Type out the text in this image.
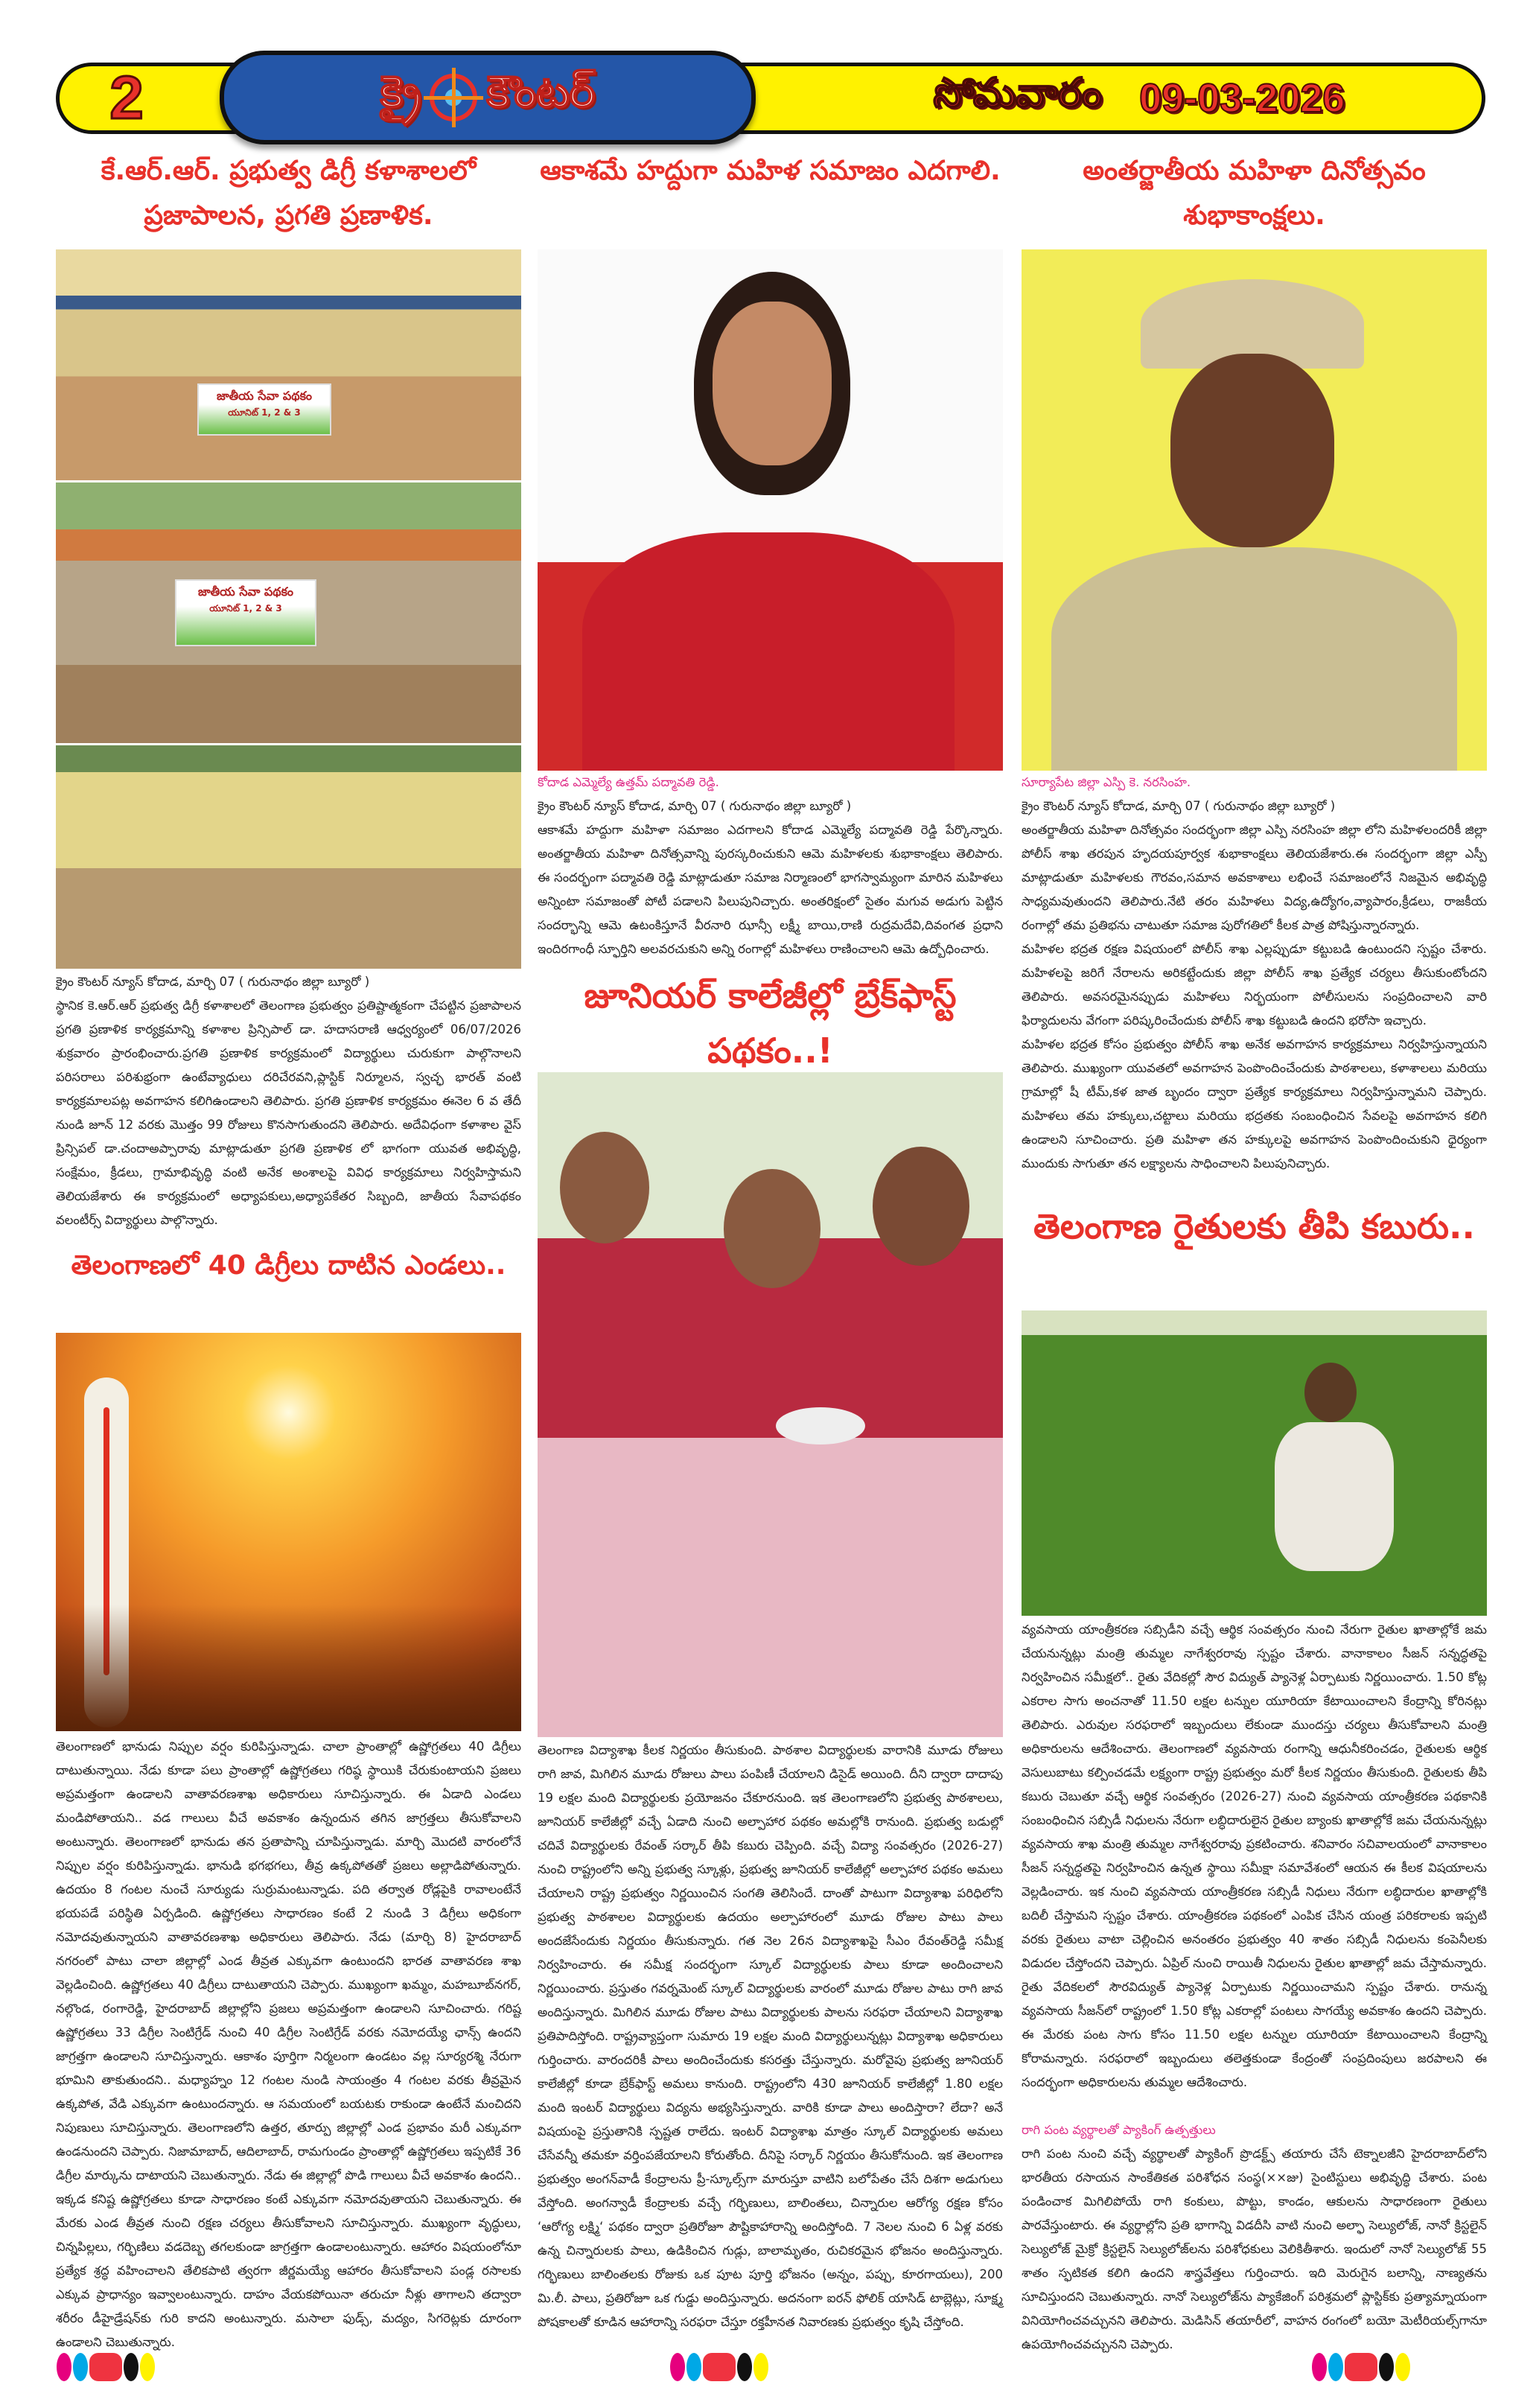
2	క్రై కౌంటర్	సోమవారం 09-03-2026
కే.ఆర్.ఆర్. ప్రభుత్వ డిగ్రీ కళాశాలలో ప్రజాపాలన, ప్రగతి ప్రణాళిక.
జాతీయ సేవా పథకం
యూనిట్ 1, 2 & 3
జాతీయ సేవా పథకం
యూనిట్ 1, 2 & 3

క్రైం కౌంటర్ న్యూస్ కోదాడ, మార్చి 07 ( గురునాథం జిల్లా బ్యూరో )

స్థానిక కె.ఆర్.ఆర్ ప్రభుత్వ డిగ్రీ కళాశాలలో తెలంగాణ ప్రభుత్వం ప్రతిష్టాత్మకంగా చేపట్టిన ప్రజాపాలన ప్రగతి ప్రణాళిక కార్యక్రమాన్ని కళాశాల ప్రిన్సిపాల్ డా. హదాసరాణి ఆధ్వర్యంలో 06/07/2026 శుక్రవారం ప్రారంభించారు.ప్రగతి ప్రణాళిక కార్యక్రమంలో విద్యార్థులు చురుకుగా పాల్గొనాలని పరిసరాలు పరిశుభ్రంగా ఉంటేవ్యాధులు దరిచేరవని,ప్లాస్టిక్ నిర్మూలన, స్వచ్ఛ భారత్ వంటి కార్యక్రమాలపట్ల అవగాహన కలిగిఉండాలని తెలిపారు. ప్రగతి ప్రణాళిక కార్యక్రమం ఈనెల 6 వ తేదీ నుండి జూన్ 12 వరకు మొత్తం 99 రోజులు కొనసాగుతుందని తెలిపారు. అదేవిధంగా కళాశాల వైస్ ప్రిన్సిపల్ డా.చందాఅప్పారావు మాట్లాడుతూ ప్రగతి ప్రణాళిక లో భాగంగా యువత అభివృద్ధి, సంక్షేమం, క్రీడలు, గ్రామాభివృద్ధి వంటి అనేక అంశాలపై వివిధ కార్యక్రమాలు నిర్వహిస్తామని తెలియజేశారు ఈ కార్యక్రమంలో అధ్యాపకులు,అధ్యాపకేతర సిబ్బంది, జాతీయ సేవాపథకం వలంటీర్స్ విద్యార్థులు పాల్గొన్నారు.

తెలంగాణలో 40 డిగ్రీలు దాటిన ఎండలు..
తెలంగాణలో భానుడు నిప్పుల వర్షం కురిపిస్తున్నాడు. చాలా ప్రాంతాల్లో ఉష్ణోగ్రతలు 40 డిగ్రీలు దాటుతున్నాయి. నేడు కూడా పలు ప్రాంతాల్లో ఉష్ణోగ్రతలు గరిష్ఠ స్థాయికి చేరుకుంటాయని ప్రజలు అప్రమత్తంగా ఉండాలని వాతావరణశాఖ అధికారులు సూచిస్తున్నారు. ఈ ఏడాది ఎండలు మండిపోతాయని.. వడ గాలులు వీచే అవకాశం ఉన్నందున తగిన జాగ్రత్తలు తీసుకోవాలని అంటున్నారు. తెలంగాణలో భానుడు తన ప్రతాపాన్ని చూపిస్తున్నాడు. మార్చి మొదటి వారంలోనే నిప్పుల వర్షం కురిపిస్తున్నాడు. భానుడి భగభగలు, తీవ్ర ఉక్కపోతతో ప్రజలు అల్లాడిపోతున్నారు. ఉదయం 8 గంటల నుంచే సూర్యుడు సుర్రుమంటున్నాడు. పది తర్వాత రోడ్లపైకి రావాలంటేనే భయపడే పరిస్థితి ఏర్పడింది. ఉష్ణోగ్రతలు సాధారణం కంటే 2 నుండి 3 డిగ్రీలు అధికంగా నమోదవుతున్నాయని వాతావరణశాఖ అధికారులు తెలిపారు. నేడు (మార్చి 8) హైదరాబాద్ నగరంలో పాటు చాలా జిల్లాల్లో ఎండ తీవ్రత ఎక్కువగా ఉంటుందని భారత వాతావరణ శాఖ వెల్లడించింది. ఉష్ణోగ్రతలు 40 డిగ్రీలు దాటుతాయని చెప్పారు. ముఖ్యంగా ఖమ్మం, మహబూబ్‌నగర్, నల్గొండ, రంగారెడ్డి, హైదరాబాద్ జిల్లాల్లోని ప్రజలు అప్రమత్తంగా ఉండాలని సూచించారు. గరిష్ట ఉష్ణోగ్రతలు 33 డిగ్రీల సెంటిగ్రేడ్ నుంచి 40 డిగ్రీల సెంటిగ్రేడ్ వరకు నమోదయ్యే ఛాన్స్ ఉందని జాగ్రత్తగా ఉండాలని సూచిస్తున్నారు. ఆకాశం పూర్తిగా నిర్మలంగా ఉండటం వల్ల సూర్యరశ్మి నేరుగా భూమిని తాకుతుందని.. మధ్యాహ్నం 12 గంటల నుండి సాయంత్రం 4 గంటల వరకు తీవ్రమైన ఉక్కపోత, వేడి ఎక్కువగా ఉంటుందన్నారు. ఆ సమయంలో బయటకు రాకుండా ఉంటేనే మంచిదని నిపుణులు సూచిస్తున్నారు. తెలంగాణలోని ఉత్తర, తూర్పు జిల్లాల్లో ఎండ ప్రభావం మరీ ఎక్కువగా ఉండనుందని చెప్పారు. నిజామాబాద్, ఆదిలాబాద్, రామగుండం ప్రాంతాల్లో ఉష్ణోగ్రతలు ఇప్పటికే 36 డిగ్రీల మార్కును దాటాయని చెబుతున్నారు. నేడు ఈ జిల్లాల్లో పొడి గాలులు వీచే అవకాశం ఉందని.. ఇక్కడ కనిష్ట ఉష్ణోగ్రతలు కూడా సాధారణం కంటే ఎక్కువగా నమోదవుతాయని చెబుతున్నారు. ఈ మేరకు ఎండ తీవ్రత నుంచి రక్షణ చర్యలు తీసుకోవాలని సూచిస్తున్నారు. ముఖ్యంగా వృద్ధులు, చిన్నపిల్లలు, గర్భిణిలు వడదెబ్బ తగలకుండా జాగ్రత్తగా ఉండాలంటున్నారు. ఆహారం విషయంలోనూ ప్రత్యేక శ్రద్ధ వహించాలని తేలికపాటి త్వరగా జీర్ణమయ్యే ఆహారం తీసుకోవాలని పండ్ల రసాలకు ఎక్కువ ప్రాధాన్యం ఇవ్వాలంటున్నారు. దాహం వేయకపోయినా తరుచూ నీళ్లు తాగాలని తద్వారా శరీరం డీహైడ్రేషన్‌కు గురి కాదని అంటున్నారు. మసాలా ఫుడ్స్, మద్యం, సిగరెట్లకు దూరంగా ఉండాలని చెబుతున్నారు.
ఆకాశమే హద్దుగా మహిళ సమాజం ఎదగాలి.

కోదాడ ఎమ్మెల్యే ఉత్తమ్ పద్మావతి రెడ్డి.

క్రైం కౌంటర్ న్యూస్ కోదాడ, మార్చి 07 ( గురునాథం జిల్లా బ్యూరో )

ఆకాశమే హద్దుగా మహిళా సమాజం ఎదగాలని కోదాడ ఎమ్మెల్యే పద్మావతి రెడ్డి పేర్కొన్నారు. అంతర్జాతీయ మహిళా దినోత్సవాన్ని పురస్కరించుకుని ఆమె మహిళలకు శుభాకాంక్షలు తెలిపారు. ఈ సందర్భంగా పద్మావతి రెడ్డి మాట్లాడుతూ సమాజ నిర్మాణంలో భాగస్వామ్యంగా మారిన మహిళలు అన్నింటా సమాజంతో పోటీ పడాలని పిలుపునిచ్చారు. అంతరిక్షంలో సైతం మగువ అడుగు పెట్టిన సందర్భాన్ని ఆమె ఉటంకిస్తూనే వీరనారి ఝాన్సీ లక్ష్మీ బాయి,రాణి రుద్రమదేవి,దివంగత ప్రధాని ఇందిరగాంధీ స్ఫూర్తిని అలవరచుకుని అన్ని రంగాల్లో మహిళలు రాణించాలని ఆమె ఉద్బోధించారు.

జూనియర్ కాలేజీల్లో బ్రేక్‌ఫాస్ట్ పథకం..!
తెలంగాణ విద్యాశాఖ కీలక నిర్ణయం తీసుకుంది. పాఠశాల విద్యార్థులకు వారానికి మూడు రోజులు రాగి జావ, మిగిలిన మూడు రోజులు పాలు పంపిణీ చేయాలని డిసైడ్ అయింది. దీని ద్వారా దాదాపు 19 లక్షల మంది విద్యార్థులకు ప్రయోజనం చేకూరనుంది. ఇక తెలంగాణలోని ప్రభుత్వ పాఠశాలలు, జూనియర్ కాలేజీల్లో వచ్చే ఏడాది నుంచి అల్పాహార పథకం అమల్లోకి రానుంది. ప్రభుత్వ బడుల్లో చదివే విద్యార్థులకు రేవంత్ సర్కార్ తీపి కబురు చెప్పింది. వచ్చే విద్యా సంవత్సరం (2026-27) నుంచి రాష్ట్రంలోని అన్ని ప్రభుత్వ స్కూళ్లు, ప్రభుత్వ జూనియర్ కాలేజీల్లో అల్పాహార పథకం అమలు చేయాలని రాష్ట్ర ప్రభుత్వం నిర్ణయించిన సంగతి తెలిసిందే. దాంతో పాటుగా విద్యాశాఖ పరిధిలోని ప్రభుత్వ పాఠశాలల విద్యార్థులకు ఉదయం అల్పాహారంలో మూడు రోజుల పాటు పాలు అందజేసేందుకు నిర్ణయం తీసుకున్నారు. గత నెల 26న విద్యాశాఖపై సీఎం రేవంత్‌రెడ్డి సమీక్ష నిర్వహించారు. ఈ సమీక్ష సందర్భంగా స్కూల్ విద్యార్థులకు పాలు కూడా అందించాలని నిర్ణయించారు. ప్రస్తుతం గవర్నమెంట్ స్కూల్ విద్యార్థులకు వారంలో మూడు రోజుల పాటు రాగి జావ అందిస్తున్నారు. మిగిలిన మూడు రోజుల పాటు విద్యార్థులకు పాలను సరఫరా చేయాలని విద్యాశాఖ ప్రతిపాదిస్తోంది. రాష్ట్రవ్యాప్తంగా సుమారు 19 లక్షల మంది విద్యార్థులున్నట్లు విద్యాశాఖ అధికారులు గుర్తించారు. వారందరికీ పాలు అందించేందుకు కసరత్తు చేస్తున్నారు. మరోవైపు ప్రభుత్వ జూనియర్ కాలేజీల్లో కూడా బ్రేక్‌ఫాస్ట్ అమలు కానుంది. రాష్ట్రంలోని 430 జూనియర్ కాలేజీల్లో 1.80 లక్షల మంది ఇంటర్ విద్యార్థులు విద్యను అభ్యసిస్తున్నారు. వారికి కూడా పాలు అందిస్తారా? లేదా? అనే విషయంపై ప్రస్తుతానికి స్పష్టత రాలేదు. ఇంటర్ విద్యాశాఖ మాత్రం స్కూల్ విద్యార్థులకు అమలు చేసేవన్నీ తమకూ వర్తింపజేయాలని కోరుతోంది. దీనిపై సర్కార్ నిర్ణయం తీసుకోనుంది. ఇక తెలంగాణ ప్రభుత్వం అంగన్‌వాడీ కేంద్రాలను ప్రీ-స్కూల్స్‌గా మారుస్తూ వాటిని బలోపేతం చేసే దిశగా అడుగులు వేస్తోంది. అంగన్వాడీ కేంద్రాలకు వచ్చే గర్భిణులు, బాలింతలు, చిన్నారుల ఆరోగ్య రక్షణ కోసం ‘ఆరోగ్య లక్ష్మి‘ పథకం ద్వారా ప్రతిరోజూ పౌష్టికాహారాన్ని అందిస్తోంది. 7 నెలల నుంచి 6 ఏళ్ల వరకు ఉన్న చిన్నారులకు పాలు, ఉడికించిన గుడ్లు, బాలామృతం, రుచికరమైన భోజనం అందిస్తున్నారు. గర్భిణులు బాలింతలకు రోజుకు ఒక పూట పూర్తి భోజనం (అన్నం, పప్పు, కూరగాయలు), 200 మి.లీ. పాలు, ప్రతిరోజూ ఒక గుడ్డు అందిస్తున్నారు. అదనంగా ఐరన్ ఫోలిక్ యాసిడ్ టాబ్లెట్లు, సూక్ష్మ పోషకాలతో కూడిన ఆహారాన్ని సరఫరా చేస్తూ రక్తహీనత నివారణకు ప్రభుత్వం కృషి చేస్తోంది.
అంతర్జాతీయ మహిళా దినోత్సవం శుభాకాంక్షలు.

సూర్యాపేట జిల్లా ఎస్పి కె. నరసింహ.

క్రైం కౌంటర్ న్యూస్ కోదాడ, మార్చి 07 ( గురునాథం జిల్లా బ్యూరో )

అంతర్జాతీయ మహిళా దినోత్సవం సందర్భంగా జిల్లా ఎస్పి నరసింహ జిల్లా లోని మహిళలందరికీ జిల్లా పోలీస్ శాఖ తరపున హృదయపూర్వక శుభాకాంక్షలు తెలియజేశారు.ఈ సందర్భంగా జిల్లా ఎస్పీ మాట్లాడుతూ మహిళలకు గౌరవం,సమాన అవకాశాలు లభించే సమాజంలోనే నిజమైన అభివృద్ధి సాధ్యమవుతుందని తెలిపారు.నేటి తరం మహిళలు విద్య,ఉద్యోగం,వ్యాపారం,క్రీడలు, రాజకీయ రంగాల్లో తమ ప్రతిభను చాటుతూ సమాజ పురోగతిలో కీలక పాత్ర పోషిస్తున్నారన్నారు.

మహిళల భద్రత రక్షణ విషయంలో పోలీస్ శాఖ ఎల్లప్పుడూ కట్టుబడి ఉంటుందని స్పష్టం చేశారు. మహిళలపై జరిగే నేరాలను అరికట్టేందుకు జిల్లా పోలీస్ శాఖ ప్రత్యేక చర్యలు తీసుకుంటోందని తెలిపారు. అవసరమైనప్పుడు మహిళలు నిర్భయంగా పోలీసులను సంప్రదించాలని వారి ఫిర్యాదులను వేగంగా పరిష్కరించేందుకు పోలీస్ శాఖ కట్టుబడి ఉందని భరోసా ఇచ్చారు.

మహిళల భద్రత కోసం ప్రభుత్వం పోలీస్ శాఖ అనేక అవగాహన కార్యక్రమాలు నిర్వహిస్తున్నాయని తెలిపారు. ముఖ్యంగా యువతలో అవగాహన పెంపొందించేందుకు పాఠశాలలు, కళాశాలలు మరియు గ్రామాల్లో షీ టీమ్,కళ జాత బృందం ద్వారా ప్రత్యేక కార్యక్రమాలు నిర్వహిస్తున్నామని చెప్పారు. మహిళలు తమ హక్కులు,చట్టాలు మరియు భద్రతకు సంబంధించిన సేవలపై అవగాహన కలిగి ఉండాలని సూచించారు. ప్రతి మహిళా తన హక్కులపై అవగాహన పెంపొందించుకుని ధైర్యంగా ముందుకు సాగుతూ తన లక్ష్యాలను సాధించాలని పిలుపునిచ్చారు.

తెలంగాణ రైతులకు తీపి కబురు..

వ్యవసాయ యాంత్రీకరణ సబ్సిడీని వచ్చే ఆర్థిక సంవత్సరం నుంచి నేరుగా రైతుల ఖాతాల్లోకే జమ చేయనున్నట్లు మంత్రి తుమ్మల నాగేశ్వరరావు స్పష్టం చేశారు. వానాకాలం సీజన్ సన్నద్ధతపై నిర్వహించిన సమీక్షలో.. రైతు వేదికల్లో సౌర విద్యుత్ ప్యానెళ్ల ఏర్పాటుకు నిర్ణయించారు. 1.50 కోట్ల ఎకరాల సాగు అంచనాతో 11.50 లక్షల టన్నుల యూరియా కేటాయించాలని కేంద్రాన్ని కోరినట్లు తెలిపారు. ఎరువుల సరఫరాలో ఇబ్బందులు లేకుండా ముందస్తు చర్యలు తీసుకోవాలని మంత్రి అధికారులను ఆదేశించారు. తెలంగాణలో వ్యవసాయ రంగాన్ని ఆధునీకరించడం, రైతులకు ఆర్థిక వెసులుబాటు కల్పించడమే లక్ష్యంగా రాష్ట్ర ప్రభుత్వం మరో కీలక నిర్ణయం తీసుకుంది. రైతులకు తీపి కబురు చెబుతూ వచ్చే ఆర్థిక సంవత్సరం (2026-27) నుంచి వ్యవసాయ యాంత్రీకరణ పథకానికి సంబంధించిన సబ్సిడీ నిధులను నేరుగా లబ్ధిదారులైన రైతుల బ్యాంకు ఖాతాల్లోకే జమ చేయనున్నట్లు వ్యవసాయ శాఖ మంత్రి తుమ్మల నాగేశ్వరరావు ప్రకటించారు. శనివారం సచివాలయంలో వానాకాలం సీజన్ సన్నద్ధతపై నిర్వహించిన ఉన్నత స్థాయి సమీక్షా సమావేశంలో ఆయన ఈ కీలక విషయాలను వెల్లడించారు. ఇక నుంచి వ్యవసాయ యాంత్రీకరణ సబ్సిడీ నిధులు నేరుగా లబ్ధిదారుల ఖాతాల్లోకి బదిలీ చేస్తామని స్పష్టం చేశారు. యాంత్రీకరణ పథకంలో ఎంపిక చేసిన యంత్ర పరికరాలకు ఇప్పటి వరకు రైతులు వాటా చెల్లించిన అనంతరం ప్రభుత్వం 40 శాతం సబ్సిడీ నిధులను కంపెనీలకు విడుదల చేస్తోందని చెప్పారు. ఏప్రిల్ నుంచి రాయితీ నిధులను రైతుల ఖాతాల్లో జమ చేస్తామన్నారు. రైతు వేదికలలో సౌరవిద్యుత్ ప్యానెళ్ల ఏర్పాటుకు నిర్ణయించామని స్పష్టం చేశారు. రానున్న వ్యవసాయ సీజన్‌లో రాష్ట్రంలో 1.50 కోట్ల ఎకరాల్లో పంటలు సాగయ్యే అవకాశం ఉందని చెప్పారు. ఈ మేరకు పంట సాగు కోసం 11.50 లక్షల టన్నుల యూరియా కేటాయించాలని కేంద్రాన్ని కోరామన్నారు. సరఫరాలో ఇబ్బందులు తలెత్తకుండా కేంద్రంతో సంప్రదింపులు జరపాలని ఈ సందర్భంగా అధికారులను తుమ్మల ఆదేశించారు.

రాగి పంట వ్యర్థాలతో ప్యాకింగ్ ఉత్పత్తులు

రాగి పంట నుంచి వచ్చే వ్యర్థాలతో ప్యాకింగ్ ప్రొడక్ట్స్ తయారు చేసే టెక్నాలజీని హైదరాబాద్‌లోని భారతీయ రసాయన సాంకేతికత పరిశోధన సంస్థ(××జు) సైంటిస్టులు అభివృద్ధి చేశారు. పంట పండించాక మిగిలిపోయే రాగి కంకులు, పొట్టు, కాండం, ఆకులను సాధారణంగా రైతులు పారవేస్తుంటారు. ఈ వ్యర్థాల్లోని ప్రతి భాగాన్ని విడదీసి వాటి నుంచి అల్ఫా సెల్యులోజ్, నానో క్రిస్టలైన్ సెల్యులోజ్ మైక్రో క్రిస్టలైన్ సెల్యులోజ్‌లను పరిశోధకులు వెలికితీశారు. ఇందులో నానో సెల్యులోజ్ 55 శాతం స్ఫటికత కలిగి ఉందని శాస్త్రవేత్తలు గుర్తించారు. ఇది మెరుగైన బలాన్ని, నాణ్యతను సూచిస్తుందని చెబుతున్నారు. నానో సెల్యులోజ్‌ను ప్యాకేజింగ్ పరిశ్రమలో ప్లాస్టిక్‌కు ప్రత్యామ్నాయంగా వినియోగించవచ్చునని తెలిపారు. మెడిసిన్ తయారీలో, వాహన రంగంలో బయో మెటీరియల్స్‌గానూ ఉపయోగించవచ్చునని చెప్పారు.
